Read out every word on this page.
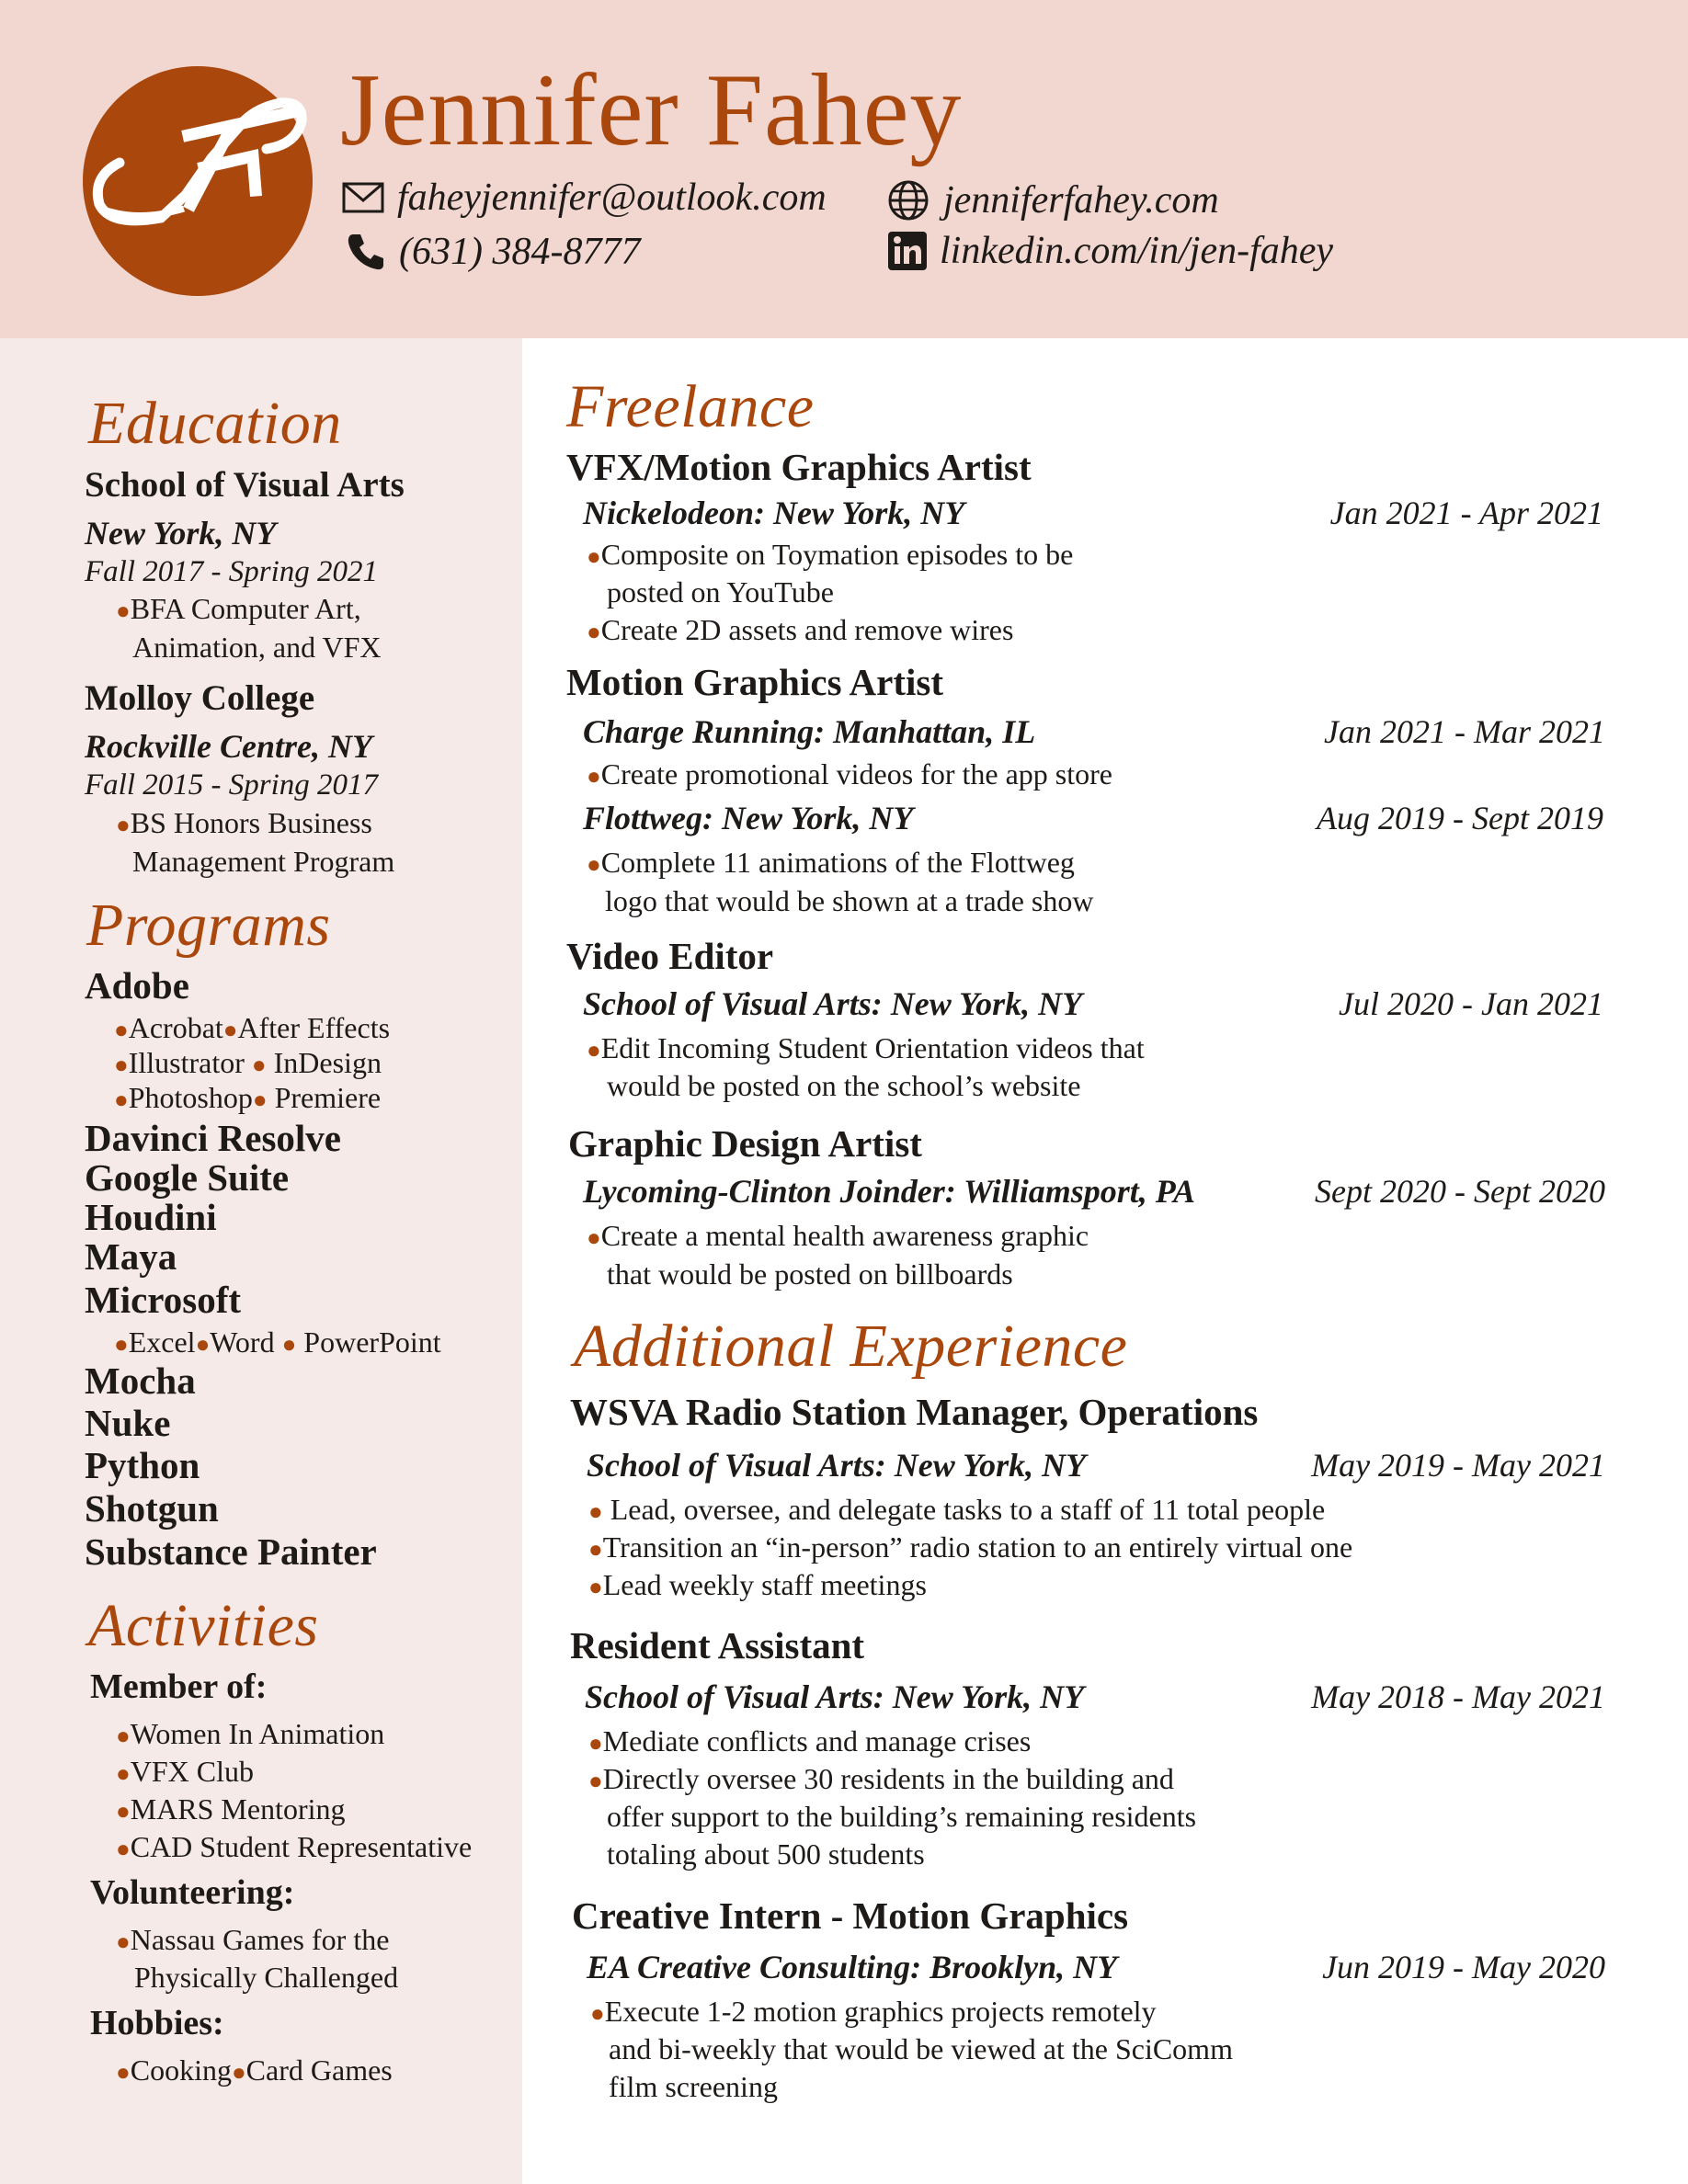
Jennifer Fahey
faheyjennifer@outlook.com	jenniferfahey.com
(631) 384-8777	linkedin.com/in/jen-fahey
Education
School of Visual Arts
New York, NY
Fall 2017 - Spring 2021
●BFA Computer Art,
Animation, and VFX
Molloy College
Rockville Centre, NY
Fall 2015 - Spring 2017
●BS Honors Business
Management Program
Programs
Adobe
●Acrobat●After Effects
●Illustrator ● InDesign
●Photoshop● Premiere
Davinci Resolve
Google Suite
Houdini
Maya
Microsoft
●Excel●Word ● PowerPoint
Mocha
Nuke
Python
Shotgun
Substance Painter
Activities
Member of:
●Women In Animation
●VFX Club
●MARS Mentoring
●CAD Student Representative
Volunteering:
●Nassau Games for the
Physically Challenged
Hobbies:
●Cooking●Card Games
Freelance
VFX/Motion Graphics Artist
Nickelodeon: New York, NY	Jan 2021 - Apr 2021
●Composite on Toymation episodes to be
posted on YouTube
●Create 2D assets and remove wires
Motion Graphics Artist
Charge Running: Manhattan, IL	Jan 2021 - Mar 2021
●Create promotional videos for the app store
Flottweg: New York, NY	Aug 2019 - Sept 2019
●Complete 11 animations of the Flottweg
logo that would be shown at a trade show
Video Editor
School of Visual Arts: New York, NY	Jul 2020 - Jan 2021
●Edit Incoming Student Orientation videos that
would be posted on the school’s website
Graphic Design Artist
Lycoming-Clinton Joinder: Williamsport, PA	Sept 2020 - Sept 2020
●Create a mental health awareness graphic
that would be posted on billboards
Additional Experience
WSVA Radio Station Manager, Operations
School of Visual Arts: New York, NY	May 2019 - May 2021
● Lead, oversee, and delegate tasks to a staff of 11 total people
●Transition an “in-person” radio station to an entirely virtual one
●Lead weekly staff meetings
Resident Assistant
School of Visual Arts: New York, NY	May 2018 - May 2021
●Mediate conflicts and manage crises
●Directly oversee 30 residents in the building and
offer support to the building’s remaining residents
totaling about 500 students
Creative Intern - Motion Graphics
EA Creative Consulting: Brooklyn, NY	Jun 2019 - May 2020
●Execute 1-2 motion graphics projects remotely
and bi-weekly that would be viewed at the SciComm
film screening
